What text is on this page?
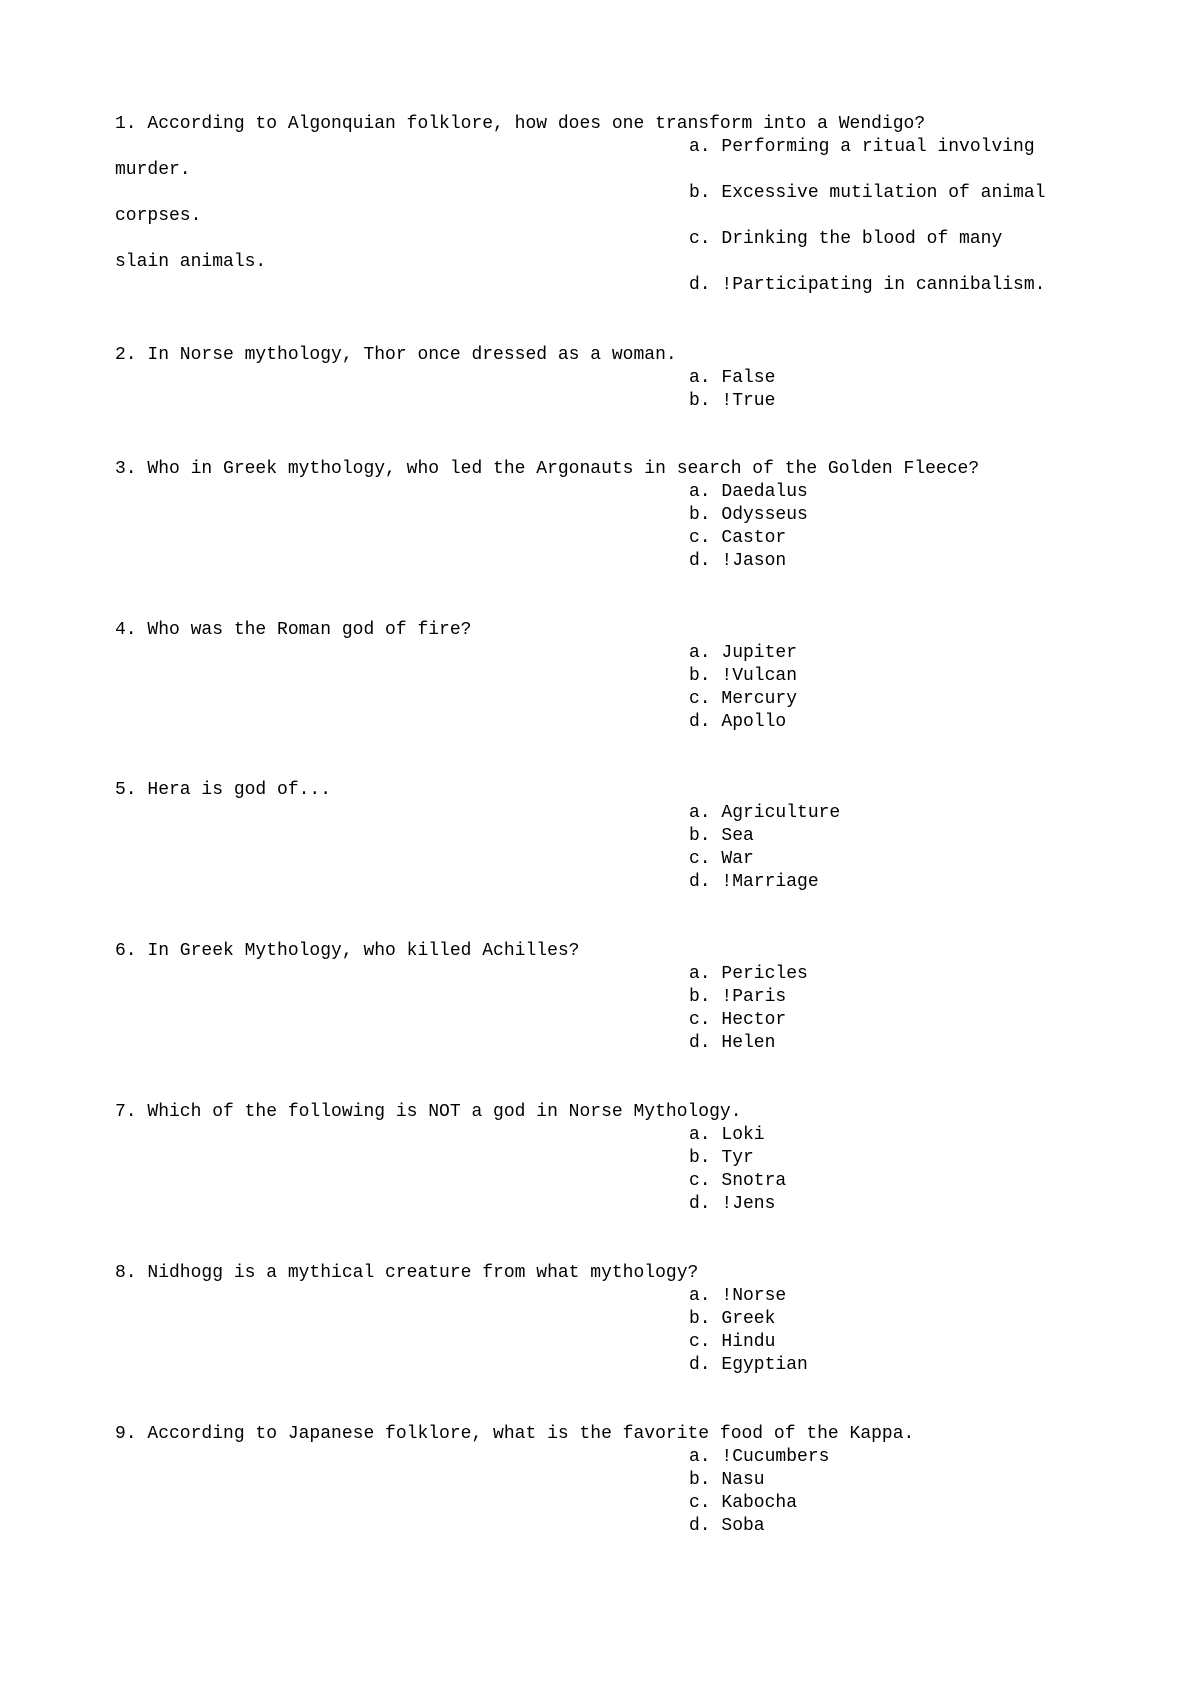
1. According to Algonquian folklore, how does one transform into a Wendigo?
a. Performing a ritual involving
murder.
b. Excessive mutilation of animal
corpses.
c. Drinking the blood of many
slain animals.
d. !Participating in cannibalism.
2. In Norse mythology, Thor once dressed as a woman.
a. False
b. !True
3. Who in Greek mythology, who led the Argonauts in search of the Golden Fleece?
a. Daedalus
b. Odysseus
c. Castor
d. !Jason
4. Who was the Roman god of fire?
a. Jupiter
b. !Vulcan
c. Mercury
d. Apollo
5. Hera is god of...
a. Agriculture
b. Sea
c. War
d. !Marriage
6. In Greek Mythology, who killed Achilles?
a. Pericles
b. !Paris
c. Hector
d. Helen
7. Which of the following is NOT a god in Norse Mythology.
a. Loki
b. Tyr
c. Snotra
d. !Jens
8. Nidhogg is a mythical creature from what mythology?
a. !Norse
b. Greek
c. Hindu
d. Egyptian
9. According to Japanese folklore, what is the favorite food of the Kappa.
a. !Cucumbers
b. Nasu
c. Kabocha
d. Soba
